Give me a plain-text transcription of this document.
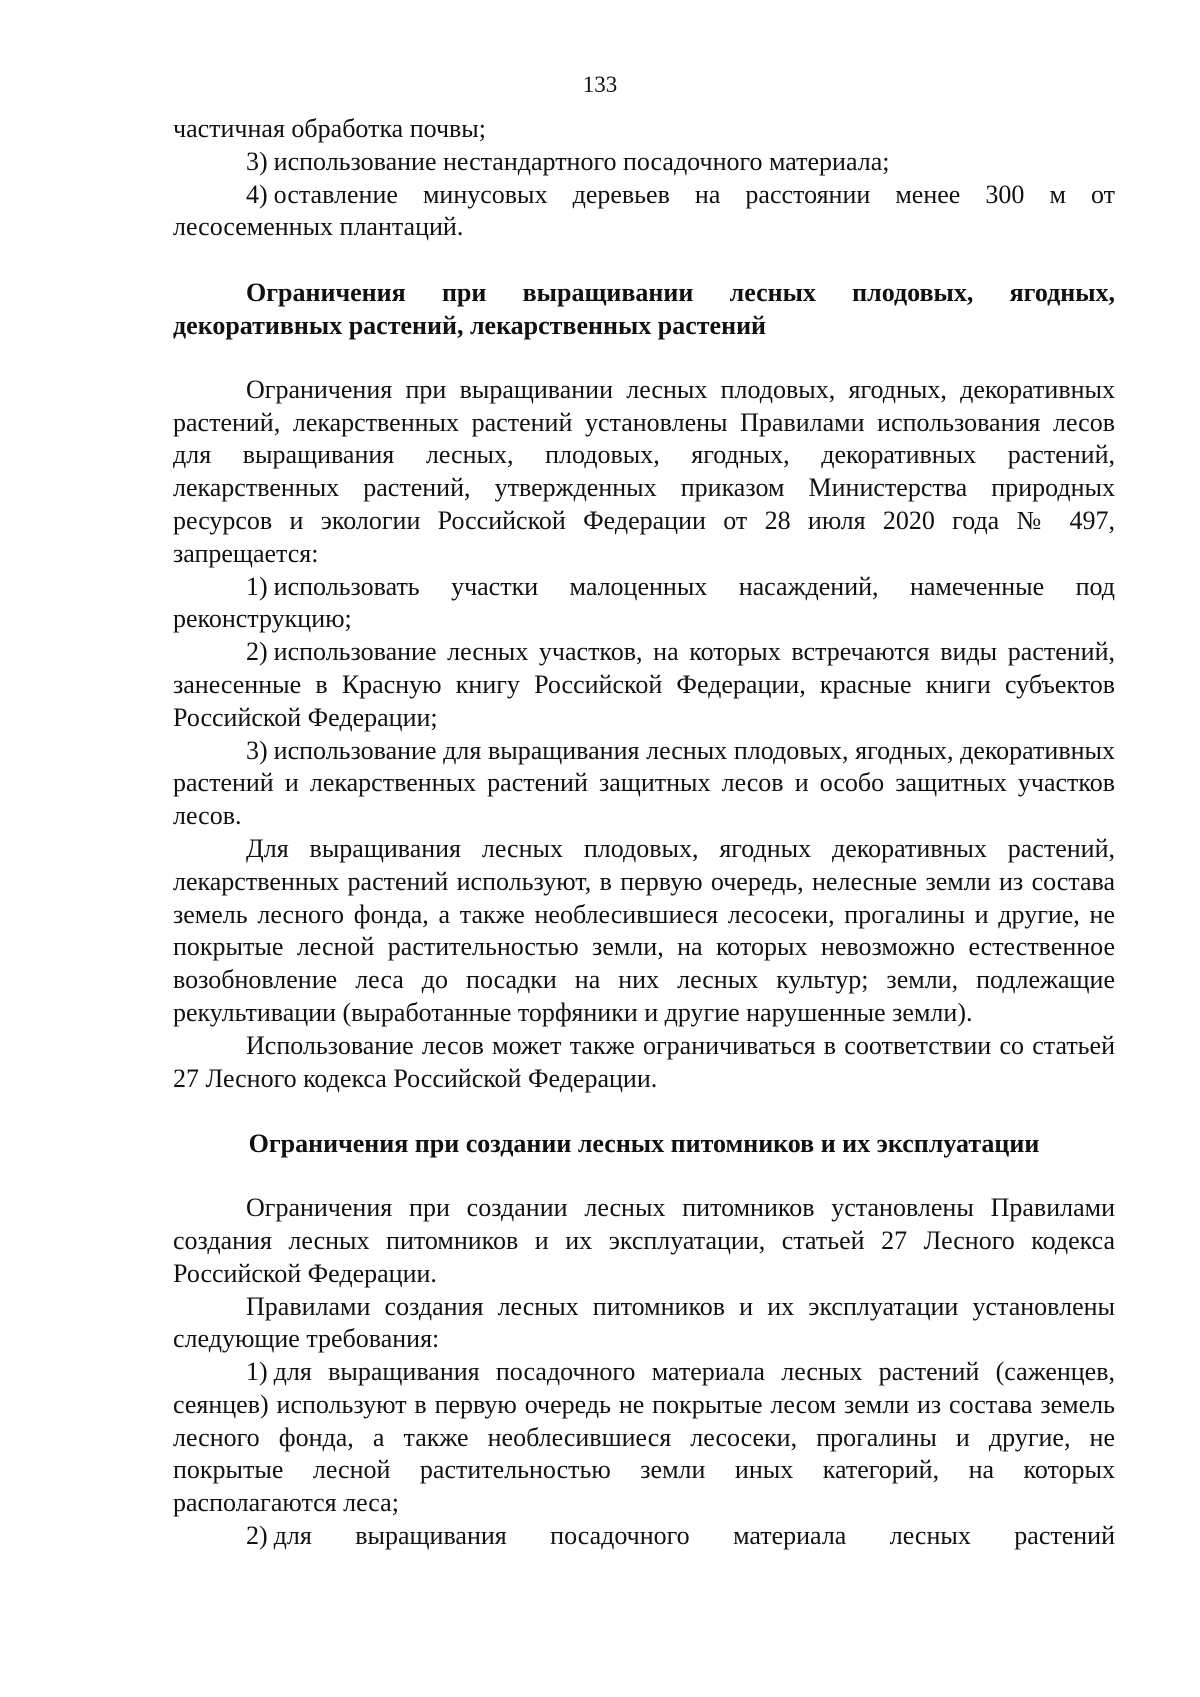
133

частичная обработка почвы;

3) использование нестандартного посадочного материала;

4) оставление минусовых деревьев на расстоянии менее 300 м от лесосеменных плантаций.

Ограничения при выращивании лесных плодовых, ягодных, декоративных растений, лекарственных растений

Ограничения при выращивании лесных плодовых, ягодных, декоративных растений, лекарственных растений установлены Правилами использования лесов для выращивания лесных, плодовых, ягодных, декоративных растений, лекарственных растений, утвержденных приказом Министерства природных ресурсов и экологии Российской Федерации от 28 июля 2020 года № 497, запрещается:

1) использовать участки малоценных насаждений, намеченные под реконструкцию;

2) использование лесных участков, на которых встречаются виды растений, занесенные в Красную книгу Российской Федерации, красные книги субъектов Российской Федерации;

3) использование для выращивания лесных плодовых, ягодных, декоративных растений и лекарственных растений защитных лесов и особо защитных участков лесов.

Для выращивания лесных плодовых, ягодных декоративных растений, лекарственных растений используют, в первую очередь, нелесные земли из состава земель лесного фонда, а также необлесившиеся лесосеки, прогалины и другие, не покрытые лесной растительностью земли, на которых невозможно естественное возобновление леса до посадки на них лесных культур; земли, подлежащие рекультивации (выработанные торфяники и другие нарушенные земли).

Использование лесов может также ограничиваться в соответствии со статьей 27 Лесного кодекса Российской Федерации.

Ограничения при создании лесных питомников и их эксплуатации

Ограничения при создании лесных питомников установлены Правилами создания лесных питомников и их эксплуатации, статьей 27 Лесного кодекса Российской Федерации.

Правилами создания лесных питомников и их эксплуатации установлены следующие требования:

1) для выращивания посадочного материала лесных растений (саженцев, сеянцев) используют в первую очередь не покрытые лесом земли из состава земель лесного фонда, а также необлесившиеся лесосеки, прогалины и другие, не покрытые лесной растительностью земли иных категорий, на которых располагаются леса;

2) для выращивания посадочного материала лесных растений
